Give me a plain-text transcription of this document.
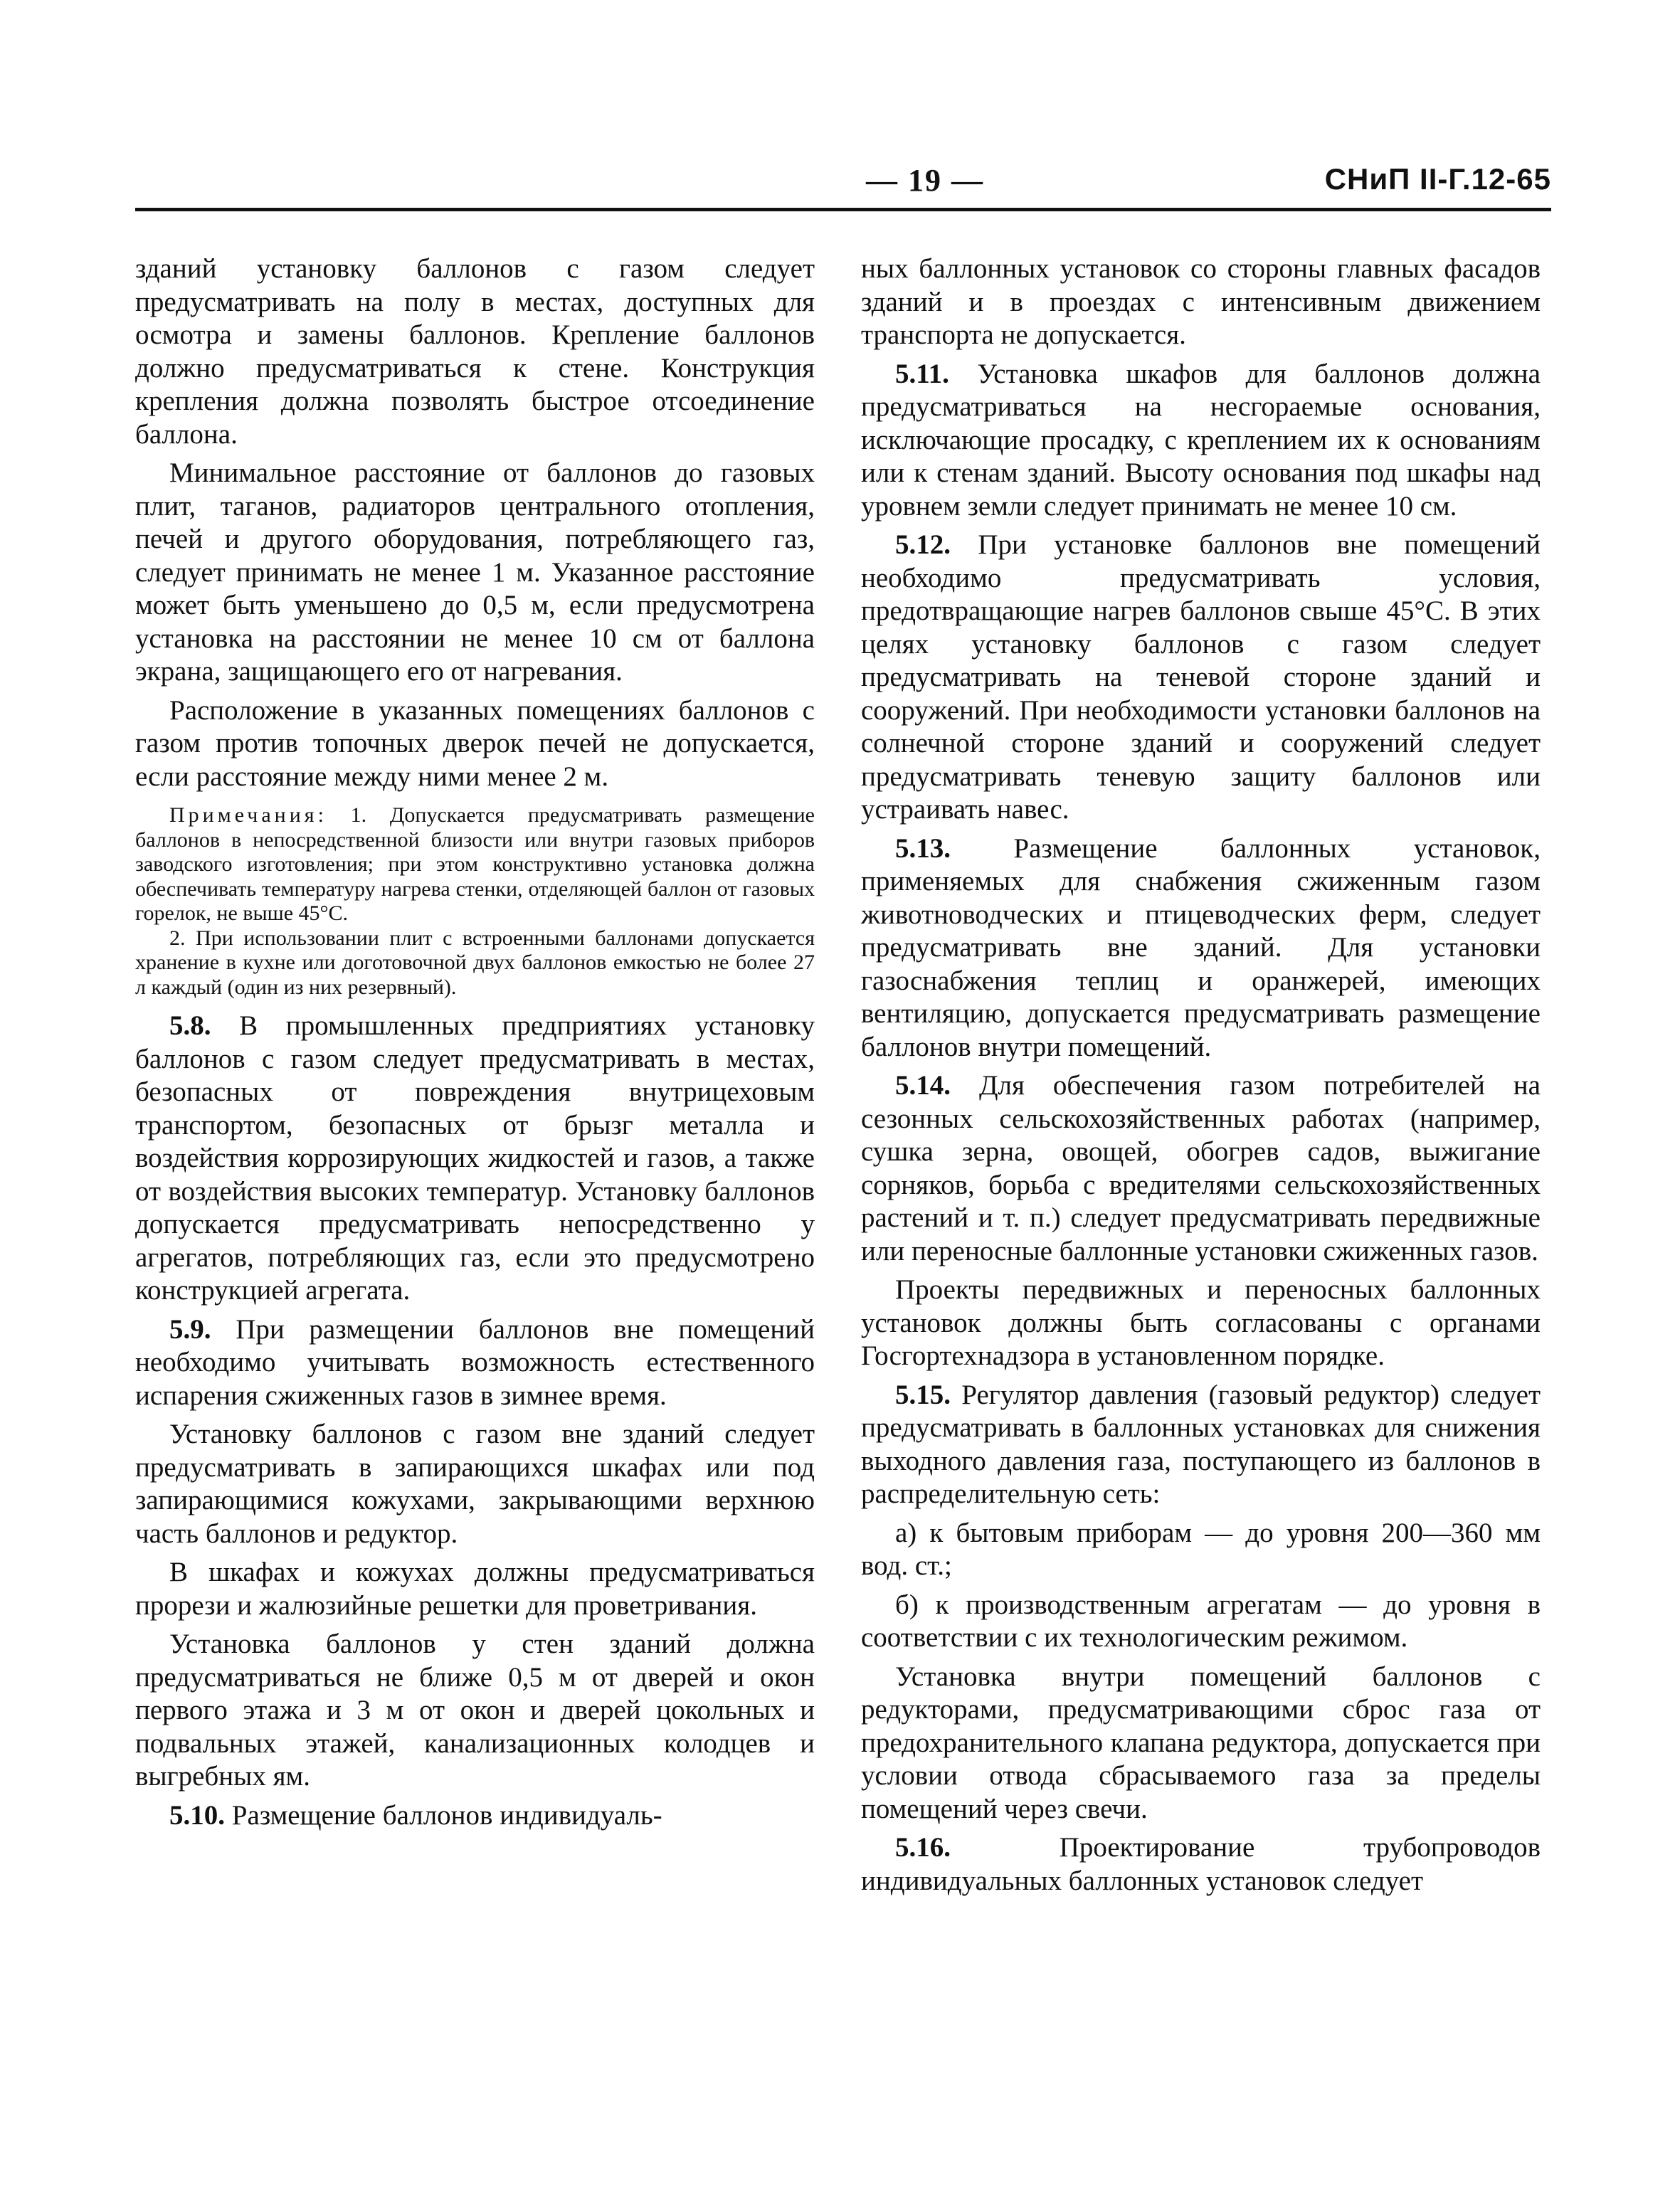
— 19 —	СНиП II-Г.12-65

зданий установку баллонов с газом следует предусматривать на полу в местах, доступных для осмотра и замены баллонов. Крепление баллонов должно предусматриваться к стене. Конструкция крепления должна позволять быстрое отсоединение баллона.

Минимальное расстояние от баллонов до газовых плит, таганов, радиаторов центрального отопления, печей и другого оборудования, потребляющего газ, следует принимать не менее 1 м. Указанное расстояние может быть уменьшено до 0,5 м, если предусмотрена установка на расстоянии не менее 10 см от баллона экрана, защищающего его от нагревания.

Расположение в указанных помещениях баллонов с газом против топочных дверок печей не допускается, если расстояние между ними менее 2 м.

Примечания: 1. Допускается предусматривать размещение баллонов в непосредственной близости или внутри газовых приборов заводского изготовления; при этом конструктивно установка должна обеспечивать температуру нагрева стенки, отделяющей баллон от газовых горелок, не выше 45°С.

2. При использовании плит с встроенными баллонами допускается хранение в кухне или доготовочной двух баллонов емкостью не более 27 л каждый (один из них резервный).

5.8. В промышленных предприятиях установку баллонов с газом следует предусматривать в местах, безопасных от повреждения внутрицеховым транспортом, безопасных от брызг металла и воздействия коррозирующих жидкостей и газов, а также от воздействия высоких температур. Установку баллонов допускается предусматривать непосредственно у агрегатов, потребляющих газ, если это предусмотрено конструкцией агрегата.

5.9. При размещении баллонов вне помещений необходимо учитывать возможность естественного испарения сжиженных газов в зимнее время.

Установку баллонов с газом вне зданий следует предусматривать в запирающихся шкафах или под запирающимися кожухами, закрывающими верхнюю часть баллонов и редуктор.

В шкафах и кожухах должны предусматриваться прорези и жалюзийные решетки для проветривания.

Установка баллонов у стен зданий должна предусматриваться не ближе 0,5 м от дверей и окон первого этажа и 3 м от окон и дверей цокольных и подвальных этажей, канализационных колодцев и выгребных ям.

5.10. Размещение баллонов индивидуаль-

ных баллонных установок со стороны главных фасадов зданий и в проездах с интенсивным движением транспорта не допускается.

5.11. Установка шкафов для баллонов должна предусматриваться на несгораемые основания, исключающие просадку, с креплением их к основаниям или к стенам зданий. Высоту основания под шкафы над уровнем земли следует принимать не менее 10 см.

5.12. При установке баллонов вне помещений необходимо предусматривать условия, предотвращающие нагрев баллонов свыше 45°С. В этих целях установку баллонов с газом следует предусматривать на теневой стороне зданий и сооружений. При необходимости установки баллонов на солнечной стороне зданий и сооружений следует предусматривать теневую защиту баллонов или устраивать навес.

5.13. Размещение баллонных установок, применяемых для снабжения сжиженным газом животноводческих и птицеводческих ферм, следует предусматривать вне зданий. Для установки газоснабжения теплиц и оранжерей, имеющих вентиляцию, допускается предусматривать размещение баллонов внутри помещений.

5.14. Для обеспечения газом потребителей на сезонных сельскохозяйственных работах (например, сушка зерна, овощей, обогрев садов, выжигание сорняков, борьба с вредителями сельскохозяйственных растений и т. п.) следует предусматривать передвижные или переносные баллонные установки сжиженных газов.

Проекты передвижных и переносных баллонных установок должны быть согласованы с органами Госгортехнадзора в установленном порядке.

5.15. Регулятор давления (газовый редуктор) следует предусматривать в баллонных установках для снижения выходного давления газа, поступающего из баллонов в распределительную сеть:

а) к бытовым приборам — до уровня 200—360 мм вод. ст.;

б) к производственным агрегатам — до уровня в соответствии с их технологическим режимом.

Установка внутри помещений баллонов с редукторами, предусматривающими сброс газа от предохранительного клапана редуктора, допускается при условии отвода сбрасываемого газа за пределы помещений через свечи.

5.16. Проектирование трубопроводов индивидуальных баллонных установок следует
